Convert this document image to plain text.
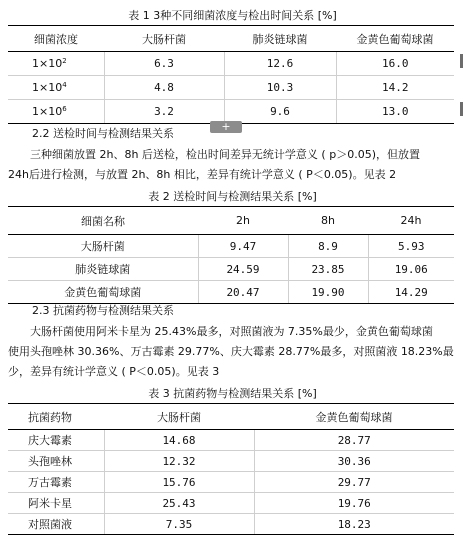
表 1 3种不同细菌浓度与检出时间关系 [%]
细菌浓度	大肠杆菌	肺炎链球菌	金黄色葡萄球菌
$1\times 10^2$	6.3	12.6	16.0
$1\times 10^4$	4.8	10.3	14.2
$1\times 10^6$	3.2	9.6	13.0
+
2.2 送检时间与检测结果关系
三种细菌放置 2h、8h 后送检，检出时间差异无统计学意义 ( p＞0.05)，但放置
24h后进行检测，与放置 2h、8h 相比，差异有统计学意义 ( P＜0.05)。见表 2
表 2 送检时间与检测结果关系 [%]
细菌名称	2h	8h	24h
大肠杆菌	9.47	8.9	5.93
肺炎链球菌	24.59	23.85	19.06
金黄色葡萄球菌	20.47	19.90	14.29
2.3 抗菌药物与检测结果关系
大肠杆菌使用阿米卡星为 25.43%最多，对照菌液为 7.35%最少，金黄色葡萄球菌
使用头孢唑林 30.36%、万古霉素 29.77%、庆大霉素 28.77%最多，对照菌液 18.23%最
少，差异有统计学意义 ( P＜0.05)。见表 3
表 3 抗菌药物与检测结果关系 [%]
抗菌药物	大肠杆菌	金黄色葡萄球菌
庆大霉素	14.68	28.77
头孢唑林	12.32	30.36
万古霉素	15.76	29.77
阿米卡星	25.43	19.76
对照菌液	7.35	18.23
